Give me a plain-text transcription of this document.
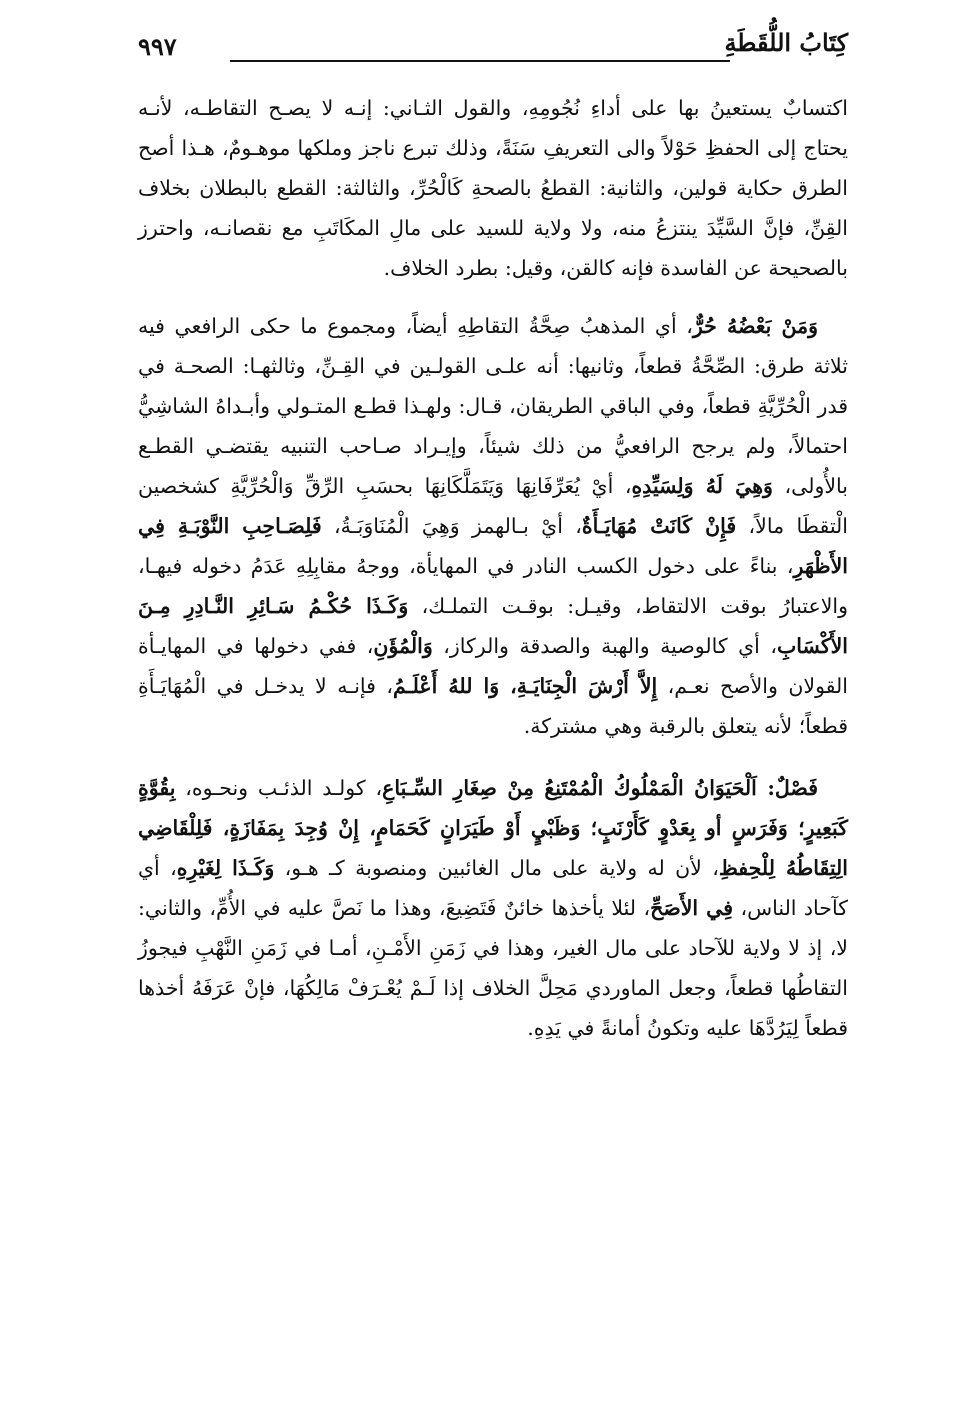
كِتَابُ اللُّقَطَةِ
٩٩٧

اكتسابٌ يستعينُ بها على أداءِ نُجُومِهِ، والقول الثـاني: إنـه لا يصـح التقاطـه، لأنـه يحتاج إلى الحفظِ حَوْلاً والى التعريفِ سَنَةً، وذلك تبرع ناجز وملكها موهـومٌ، هـذا أصح الطرق حكاية قولين، والثانية: القطعُ بالصحةِ كَالْحُرِّ، والثالثة: القطع بالبطلان بخلاف القِنِّ، فإنَّ السَّيِّدَ ينتزعُ منه، ولا ولاية للسيد على مالِ المكَاتَبِ مع نقصانـه، واحترز بالصحيحة عن الفاسدة فإنه كالقن، وقيل: بطرد الخلاف.

وَمَنْ بَعْضُهُ حُرٌّ، أي المذهبُ صِحَّةُ التقاطِهِ أيضاً، ومجموع ما حكى الرافعي فيه ثلاثة طرق: الصِّحَّةُ قطعاً، وثانيها: أنه علـى القولـين في القِـنِّ، وثالثهـا: الصحـة في قدر الْحُرِّيَّةِ قطعاً، وفي الباقي الطريقان، قـال: ولهـذا قطـع المتـولي وأبـداهُ الشاشِيُّ احتمالاً، ولم يرجح الرافعيُّ من ذلك شيئاً، وإيـراد صـاحب التنبيه يقتضـي القطـع بالأُولى، وَهِيَ لَهُ وَلِسَيِّدِهِ، أيْ يُعَرِّفَانِهَا وَيَتَمَلَّكَانِهَا بحسَبِ الرِّقِّ وَالْحُرِّيَّةِ كشخصين الْتقطَا مالاً، فَإِنْ كَانَتْ مُهَايَـأَةٌ، أيْ بـالهمز وَهِيَ الْمُنَاوَبَـةُ، فَلِصَـاحِبِ النَّوْبَـةِ فِي الأَظْهَرِ، بناءً على دخول الكسب النادر في المهايأة، ووجهُ مقابِلِهِ عَدَمُ دخوله فيهـا، والاعتبارُ بوقت الالتقاط، وقيـل: بوقـت التملـك، وَكَـذَا حُكْـمُ سَـائِرِ النَّـادِرِ مِـنَ الأَكْسَابِ، أي كالوصية والهبة والصدقة والركاز، وَالْمُؤَنِ، ففي دخولها في المهايـأة القولان والأصح نعـم، إِلاَّ أَرْشَ الْجِنَايَـةِ، وَا للهُ أَعْلَـمُ، فإنـه لا يدخـل في الْمُهَايَـأَةِ قطعاً؛ لأنه يتعلق بالرقبة وهي مشتركة.

فَصْلٌ: اَلْحَيَوَانُ الْمَمْلُوكُ الْمُمْتَنِعُ مِنْ صِغَارِ السِّـبَاعِ، كولـد الذئـب ونحـوه، بِقُوَّةٍ كَبَعِيرٍ؛ وَفَرَسٍ أو بِعَدْوٍ كَأَرْنَبٍ؛ وَظَبْيٍ أَوْ طَيَرَانٍ كَحَمَامٍ، إِنْ وُجِدَ بِمَفَازَةٍ، فَلِلْقَاضِي الِتِقَاطُهُ لِلْحِفظِ، لأن له ولاية على مال الغائبين ومنصوبة كـ هـو، وَكَـذَا لِغَيْرِهِ، أي كآحاد الناس، فِي الأَصَحِّ، لئلا يأخذها خائنٌ فَتَضِيعَ، وهذا ما نَصَّ عليه في الأُمِّ، والثاني: لا، إذ لا ولاية للآحاد على مال الغير، وهذا في زَمَنِ الأَمْـنِ، أمـا في زَمَنِ النَّهْبِ فيجوزُ التقاطُها قطعاً، وجعل الماوردي مَحِلَّ الخلاف إذا لَـمْ يُعْـرَفْ مَالِكُهَا، فإنْ عَرَفَهُ أخذها قطعاً لِيَرُدَّهَا عليه وتكونُ أمانةً في يَدِهِ.
